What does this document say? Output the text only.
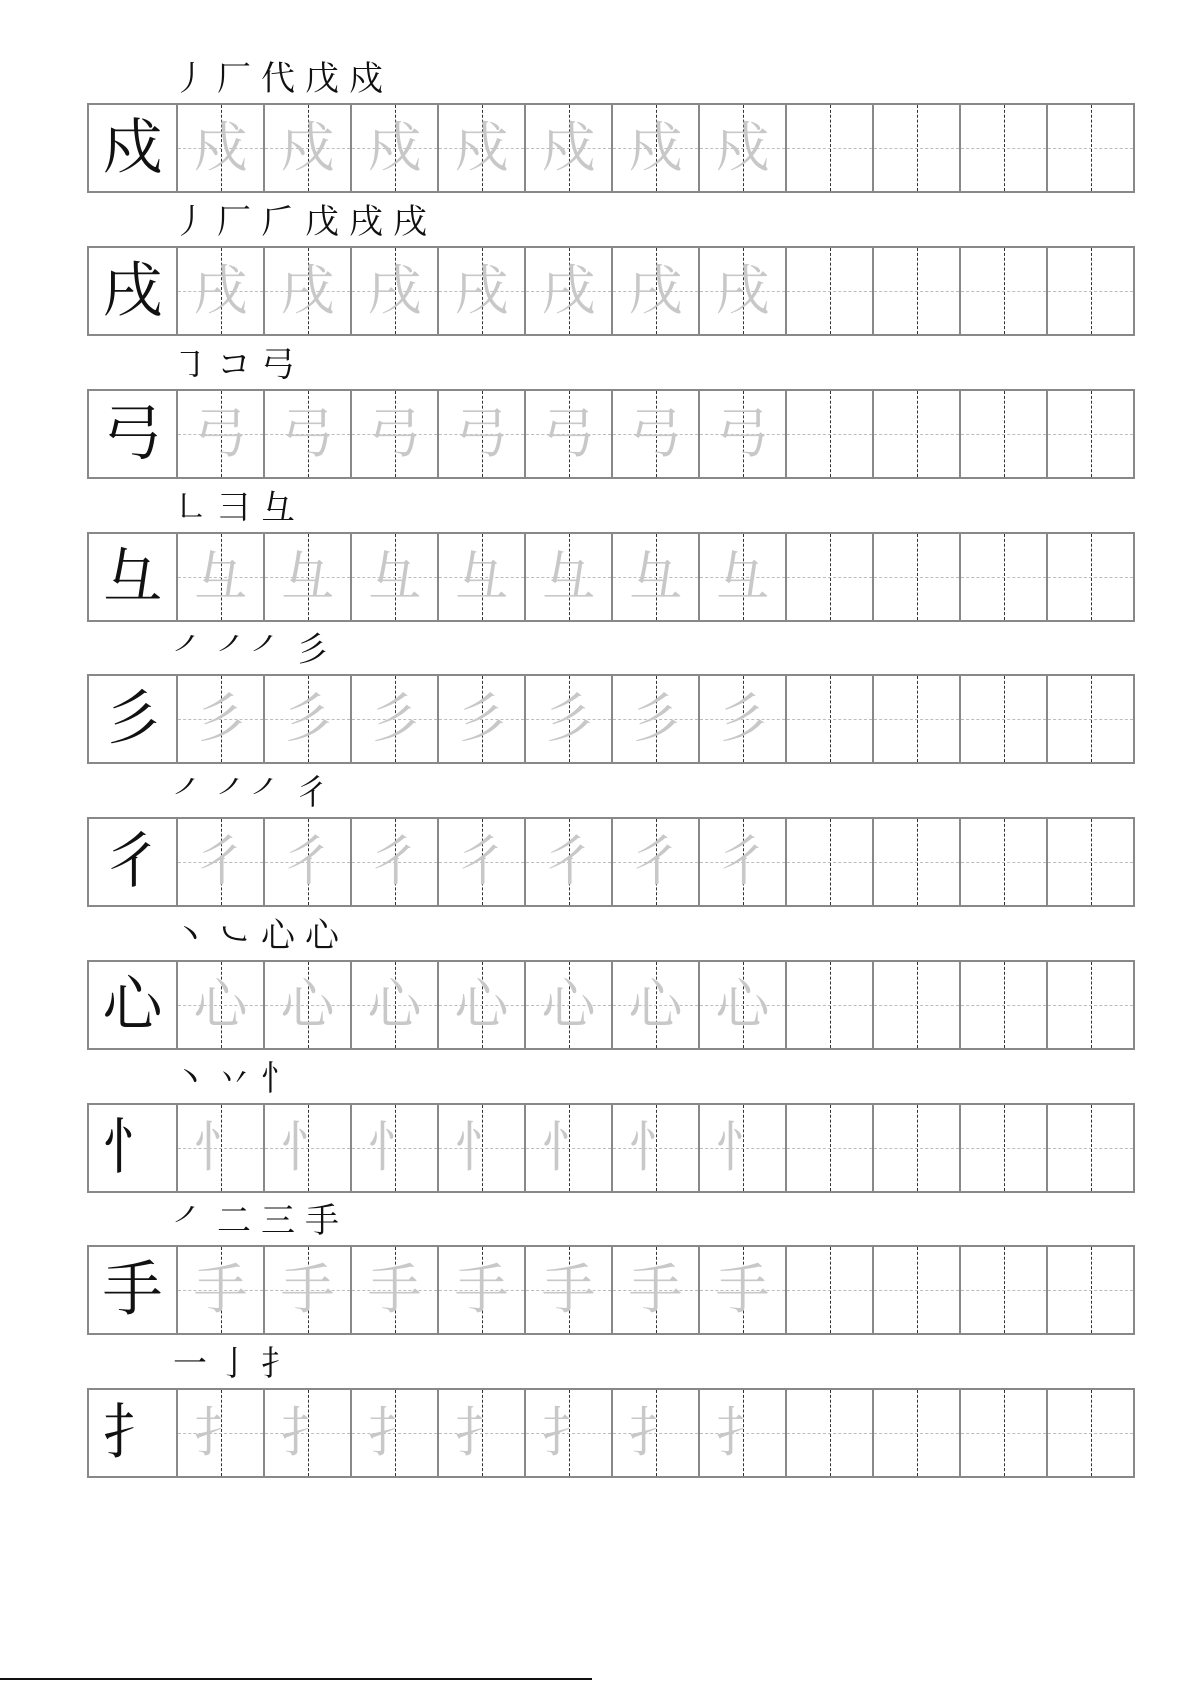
丿 厂 代 戊 戍
戍 戍 戍 戍 戍 戍 戍 戍
丿 厂 𠂆 戊 戌 戌
戌 戌 戌 戌 戌 戌 戌 戌
㇆ コ 弓
弓 弓 弓 弓 弓 弓 弓 弓
㇗ 彐 彑
彑 彑 彑 彑 彑 彑 彑 彑
㇒ ㇒㇒ 彡
彡 彡 彡 彡 彡 彡 彡 彡
㇒ ㇒㇒ 彳
彳 彳 彳 彳 彳 彳 彳 彳
丶 ㇃ 心 心
心 心 心 心 心 心 心 心
丶 丷 忄
忄 忄 忄 忄 忄 忄 忄 忄
㇒ 二 三 手
手 手 手 手 手 手 手 手
一 亅 扌
扌 扌 扌 扌 扌 扌 扌 扌
